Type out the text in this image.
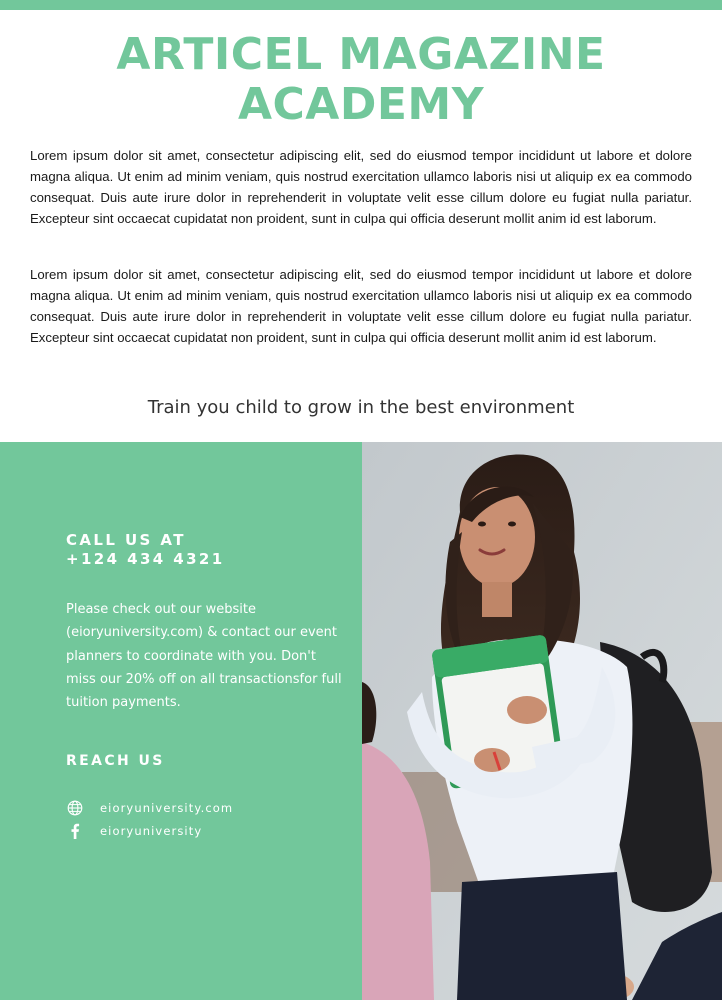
ARTICEL MAGAZINE
ACADEMY

Lorem ipsum dolor sit amet, consectetur adipiscing elit, sed do eiusmod tempor incididunt ut labore et dolore magna aliqua. Ut enim ad minim veniam, quis nostrud exercitation ullamco laboris nisi ut aliquip ex ea commodo consequat. Duis aute irure dolor in reprehenderit in voluptate velit esse cillum dolore eu fugiat nulla pariatur. Excepteur sint occaecat cupidatat non proident, sunt in culpa qui officia deserunt mollit anim id est laborum.

Lorem ipsum dolor sit amet, consectetur adipiscing elit, sed do eiusmod tempor incididunt ut labore et dolore magna aliqua. Ut enim ad minim veniam, quis nostrud exercitation ullamco laboris nisi ut aliquip ex ea commodo consequat. Duis aute irure dolor in reprehenderit in voluptate velit esse cillum dolore eu fugiat nulla pariatur. Excepteur sint occaecat cupidatat non proident, sunt in culpa qui officia deserunt mollit anim id est laborum.

Train you child to grow in the best environment

CALL US AT
+124 434 4321

Please check out our website (eioryuniversity.com) & contact our event planners to coordinate with you. Don't miss our 20% off on all transactionsfor full tuition payments.

REACH US
eioryuniversity.com
eioryuniversity
